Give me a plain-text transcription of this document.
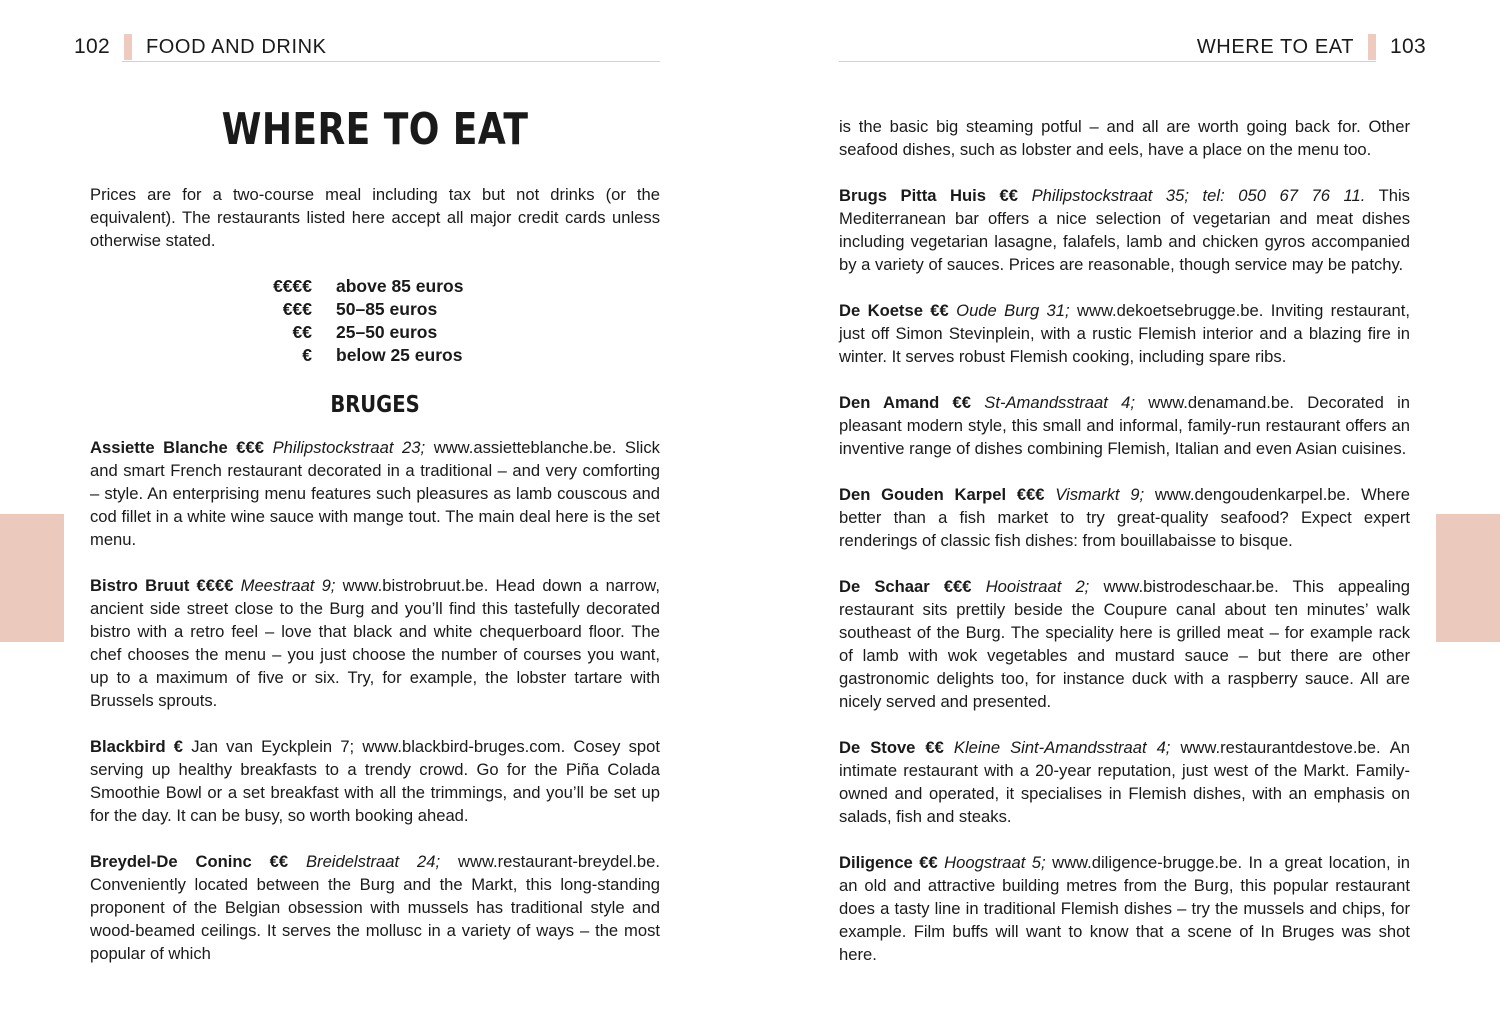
102 FOOD AND DRINK
WHERE TO EAT

Prices are for a two-course meal including tax but not drinks (or the equivalent). The restaurants listed here accept all major credit cards unless otherwise stated.

€€€€ above 85 euros
€€€ 50–85 euros
€€ 25–50 euros
€ below 25 euros
BRUGES

Assiette Blanche €€€ Philipstockstraat 23; www.assietteblanche.be. Slick and smart French restaurant decorated in a traditional – and very comforting – style. An enterprising menu features such pleasures as lamb couscous and cod fillet in a white wine sauce with mange tout. The main deal here is the set menu.

Bistro Bruut €€€€ Meestraat 9; www.bistrobruut.be. Head down a narrow, ancient side street close to the Burg and you’ll find this tastefully decorated bistro with a retro feel – love that black and white chequerboard floor. The chef chooses the menu – you just choose the number of courses you want, up to a maximum of five or six. Try, for example, the lobster tartare with Brussels sprouts.

Blackbird € Jan van Eyckplein 7; www.blackbird-bruges.com. Cosey spot serving up healthy breakfasts to a trendy crowd. Go for the Piña Colada Smoothie Bowl or a set breakfast with all the trimmings, and you’ll be set up for the day. It can be busy, so worth booking ahead.

Breydel-De Coninc €€ Breidelstraat 24; www.restaurant-breydel.be. Conveniently located between the Burg and the Markt, this long-standing proponent of the Belgian obsession with mussels has traditional style and wood-beamed ceilings. It serves the mollusc in a variety of ways – the most popular of which

WHERE TO EAT 103

is the basic big steaming potful – and all are worth going back for. Other seafood dishes, such as lobster and eels, have a place on the menu too.

Brugs Pitta Huis €€ Philipstockstraat 35; tel: 050 67 76 11. This Mediterranean bar offers a nice selection of vegetarian and meat dishes including vegetarian lasagne, falafels, lamb and chicken gyros accompanied by a variety of sauces. Prices are reasonable, though service may be patchy.

De Koetse €€ Oude Burg 31; www.dekoetsebrugge.be. Inviting restaurant, just off Simon Stevinplein, with a rustic Flemish interior and a blazing fire in winter. It serves robust Flemish cooking, including spare ribs.

Den Amand €€ St-Amandsstraat 4; www.denamand.be. Decorated in pleasant modern style, this small and informal, family-run restaurant offers an inventive range of dishes combining Flemish, Italian and even Asian cuisines.

Den Gouden Karpel €€€ Vismarkt 9; www.dengoudenkarpel.be. Where better than a fish market to try great-quality seafood? Expect expert renderings of classic fish dishes: from bouillabaisse to bisque.

De Schaar €€€ Hooistraat 2; www.bistrodeschaar.be. This appealing restaurant sits prettily beside the Coupure canal about ten minutes’ walk southeast of the Burg. The speciality here is grilled meat – for example rack of lamb with wok vegetables and mustard sauce – but there are other gastronomic delights too, for instance duck with a raspberry sauce. All are nicely served and presented.

De Stove €€ Kleine Sint-Amandsstraat 4; www.restaurantdestove.be. An intimate restaurant with a 20-year reputation, just west of the Markt. Family-owned and operated, it specialises in Flemish dishes, with an emphasis on salads, fish and steaks.

Diligence €€ Hoogstraat 5; www.diligence-brugge.be. In a great location, in an old and attractive building metres from the Burg, this popular restaurant does a tasty line in traditional Flemish dishes – try the mussels and chips, for example. Film buffs will want to know that a scene of In Bruges was shot here.
